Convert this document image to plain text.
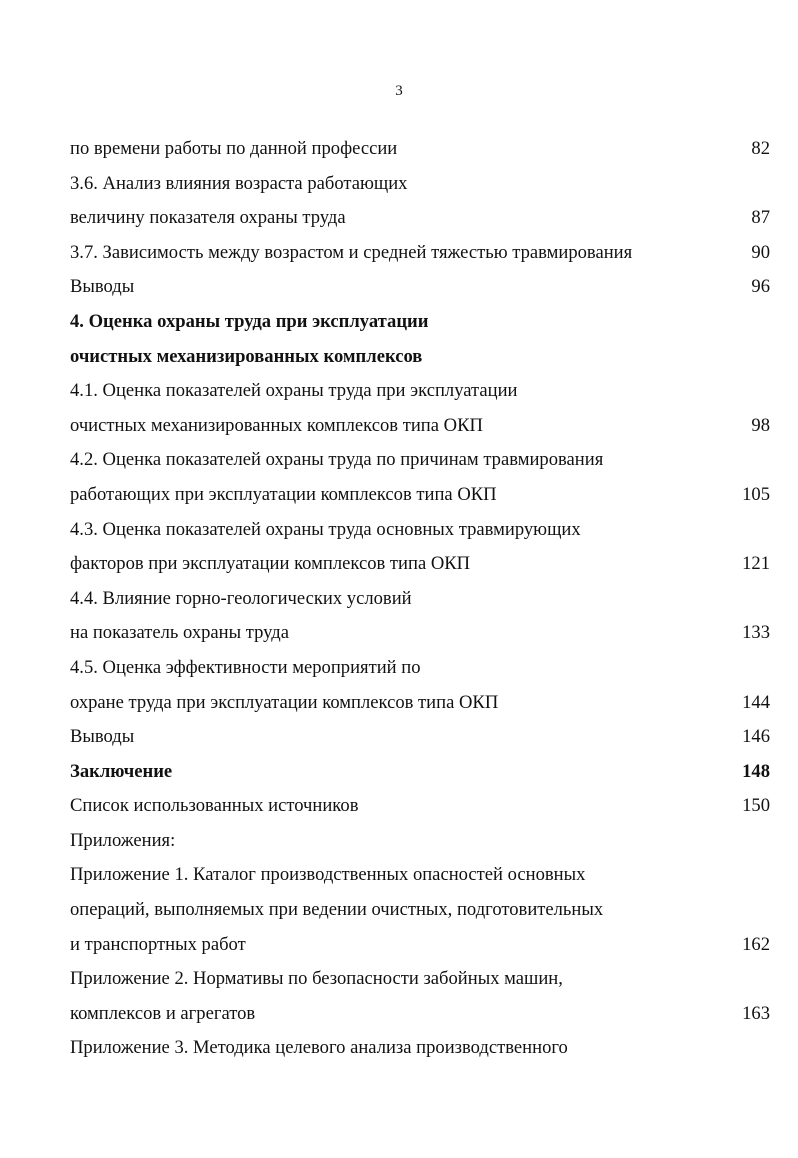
3
по времени работы по данной профессии	82
3.6. Анализ влияния возраста работающих
величину показателя охраны труда	87
3.7. Зависимость между возрастом и средней тяжестью травмирования	90
Выводы	96
4. Оценка охраны труда при эксплуатации
очистных механизированных комплексов
4.1. Оценка показателей охраны труда при эксплуатации
очистных механизированных комплексов типа ОКП	98
4.2. Оценка показателей охраны труда по причинам травмирования
работающих при эксплуатации комплексов типа ОКП	105
4.3. Оценка показателей охраны труда основных травмирующих
факторов при эксплуатации комплексов типа ОКП	121
4.4. Влияние горно-геологических условий
на показатель охраны труда	133
4.5. Оценка эффективности мероприятий по
охране труда при эксплуатации комплексов типа ОКП	144
Выводы	146
Заключение	148
Список использованных источников	150
Приложения:
Приложение 1. Каталог производственных опасностей основных
операций, выполняемых при ведении очистных, подготовительных
и транспортных работ	162
Приложение 2. Нормативы по безопасности забойных машин,
комплексов и агрегатов	163
Приложение 3. Методика целевого анализа производственного
